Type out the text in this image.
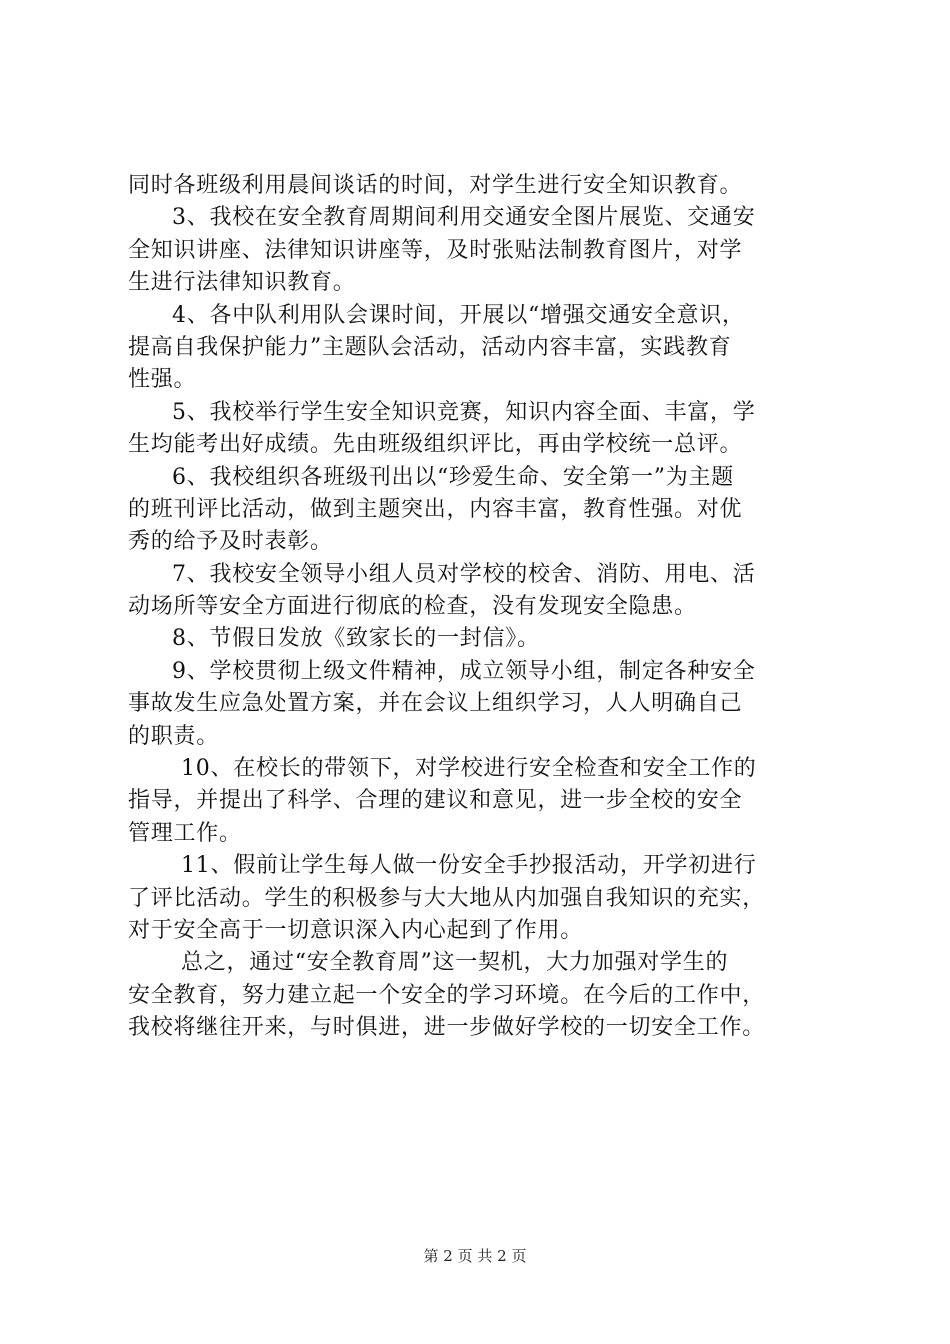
同时各班级利用晨间谈话的时间，对学生进行安全知识教育。
3、我校在安全教育周期间利用交通安全图片展览、交通安
全知识讲座、法律知识讲座等，及时张贴法制教育图片，对学
生进行法律知识教育。
4、各中队利用队会课时间，开展以“增强交通安全意识，
提高自我保护能力”主题队会活动，活动内容丰富，实践教育
性强。
5、我校举行学生安全知识竞赛，知识内容全面、丰富，学
生均能考出好成绩。先由班级组织评比，再由学校统一总评。
6、我校组织各班级刊出以“珍爱生命、安全第一”为主题
的班刊评比活动，做到主题突出，内容丰富，教育性强。对优
秀的给予及时表彰。
7、我校安全领导小组人员对学校的校舍、消防、用电、活
动场所等安全方面进行彻底的检查，没有发现安全隐患。
8、节假日发放《致家长的一封信》。
9、学校贯彻上级文件精神，成立领导小组，制定各种安全
事故发生应急处置方案，并在会议上组织学习，人人明确自己
的职责。
10、在校长的带领下，对学校进行安全检查和安全工作的
指导，并提出了科学、合理的建议和意见，进一步全校的安全
管理工作。
11、假前让学生每人做一份安全手抄报活动，开学初进行
了评比活动。学生的积极参与大大地从内加强自我知识的充实，
对于安全高于一切意识深入内心起到了作用。
总之，通过“安全教育周”这一契机，大力加强对学生的
安全教育，努力建立起一个安全的学习环境。在今后的工作中，
我校将继往开来，与时俱进，进一步做好学校的一切安全工作。
第 2 页 共 2 页
